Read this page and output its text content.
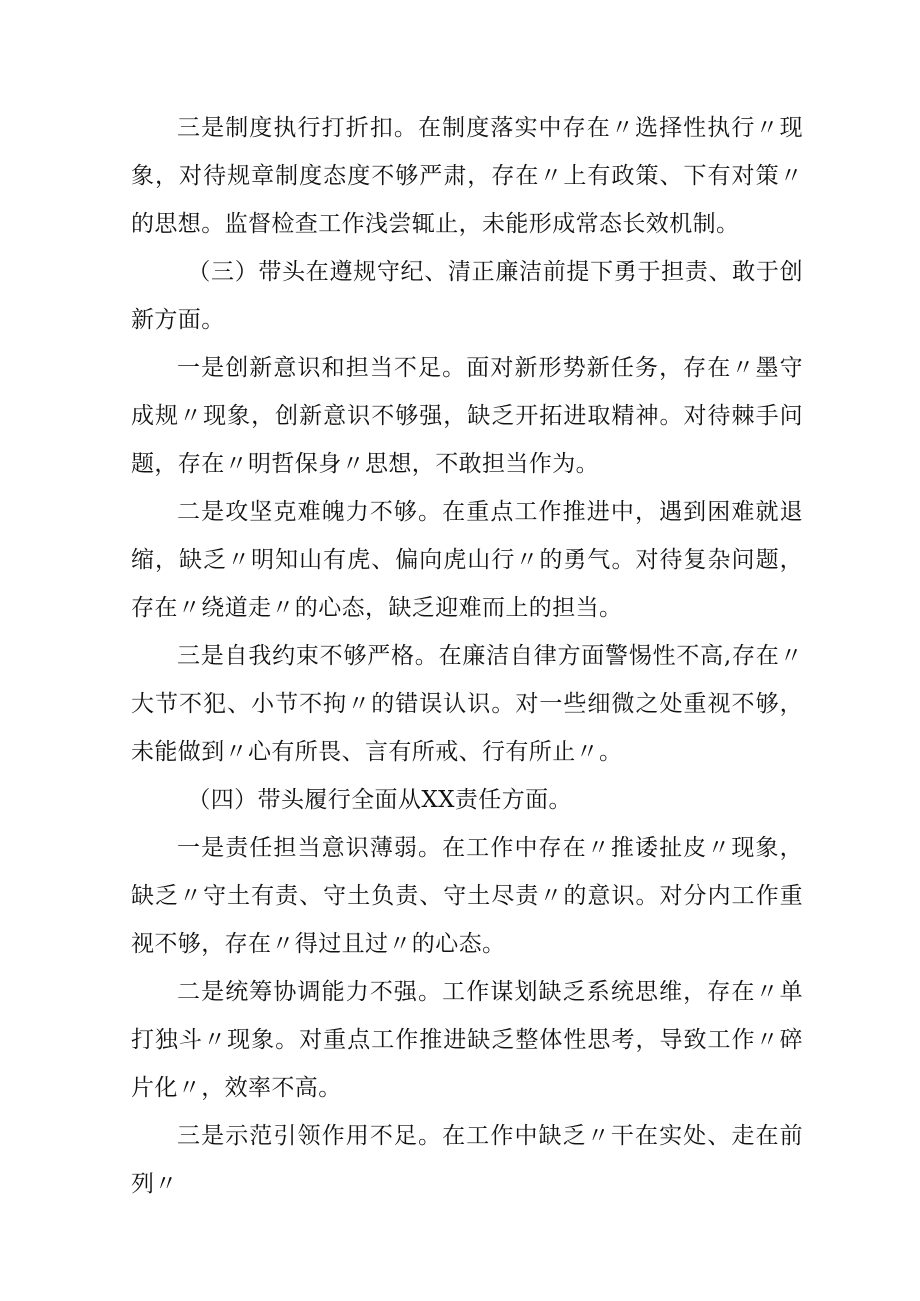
三是制度执行打折扣。在制度落实中存在〃选择性执行〃现象，对待规章制度态度不够严肃，存在〃上有政策、下有对策〃的思想。监督检查工作浅尝辄止，未能形成常态长效机制。

（三）带头在遵规守纪、清正廉洁前提下勇于担责、敢于创新方面。

一是创新意识和担当不足。面对新形势新任务，存在〃墨守成规〃现象，创新意识不够强，缺乏开拓进取精神。对待棘手问题，存在〃明哲保身〃思想，不敢担当作为。

二是攻坚克难魄力不够。在重点工作推进中，遇到困难就退缩，缺乏〃明知山有虎、偏向虎山行〃的勇气。对待复杂问题，存在〃绕道走〃的心态，缺乏迎难而上的担当。

三是自我约束不够严格。在廉洁自律方面警惕性不高,存在〃大节不犯、小节不拘〃的错误认识。对一些细微之处重视不够，未能做到〃心有所畏、言有所戒、行有所止〃。

（四）带头履行全面从XX责任方面。

一是责任担当意识薄弱。在工作中存在〃推诿扯皮〃现象，缺乏〃守土有责、守土负责、守土尽责〃的意识。对分内工作重视不够，存在〃得过且过〃的心态。

二是统筹协调能力不强。工作谋划缺乏系统思维，存在〃单打独斗〃现象。对重点工作推进缺乏整体性思考，导致工作〃碎片化〃，效率不高。

三是示范引领作用不足。在工作中缺乏〃干在实处、走在前列〃
